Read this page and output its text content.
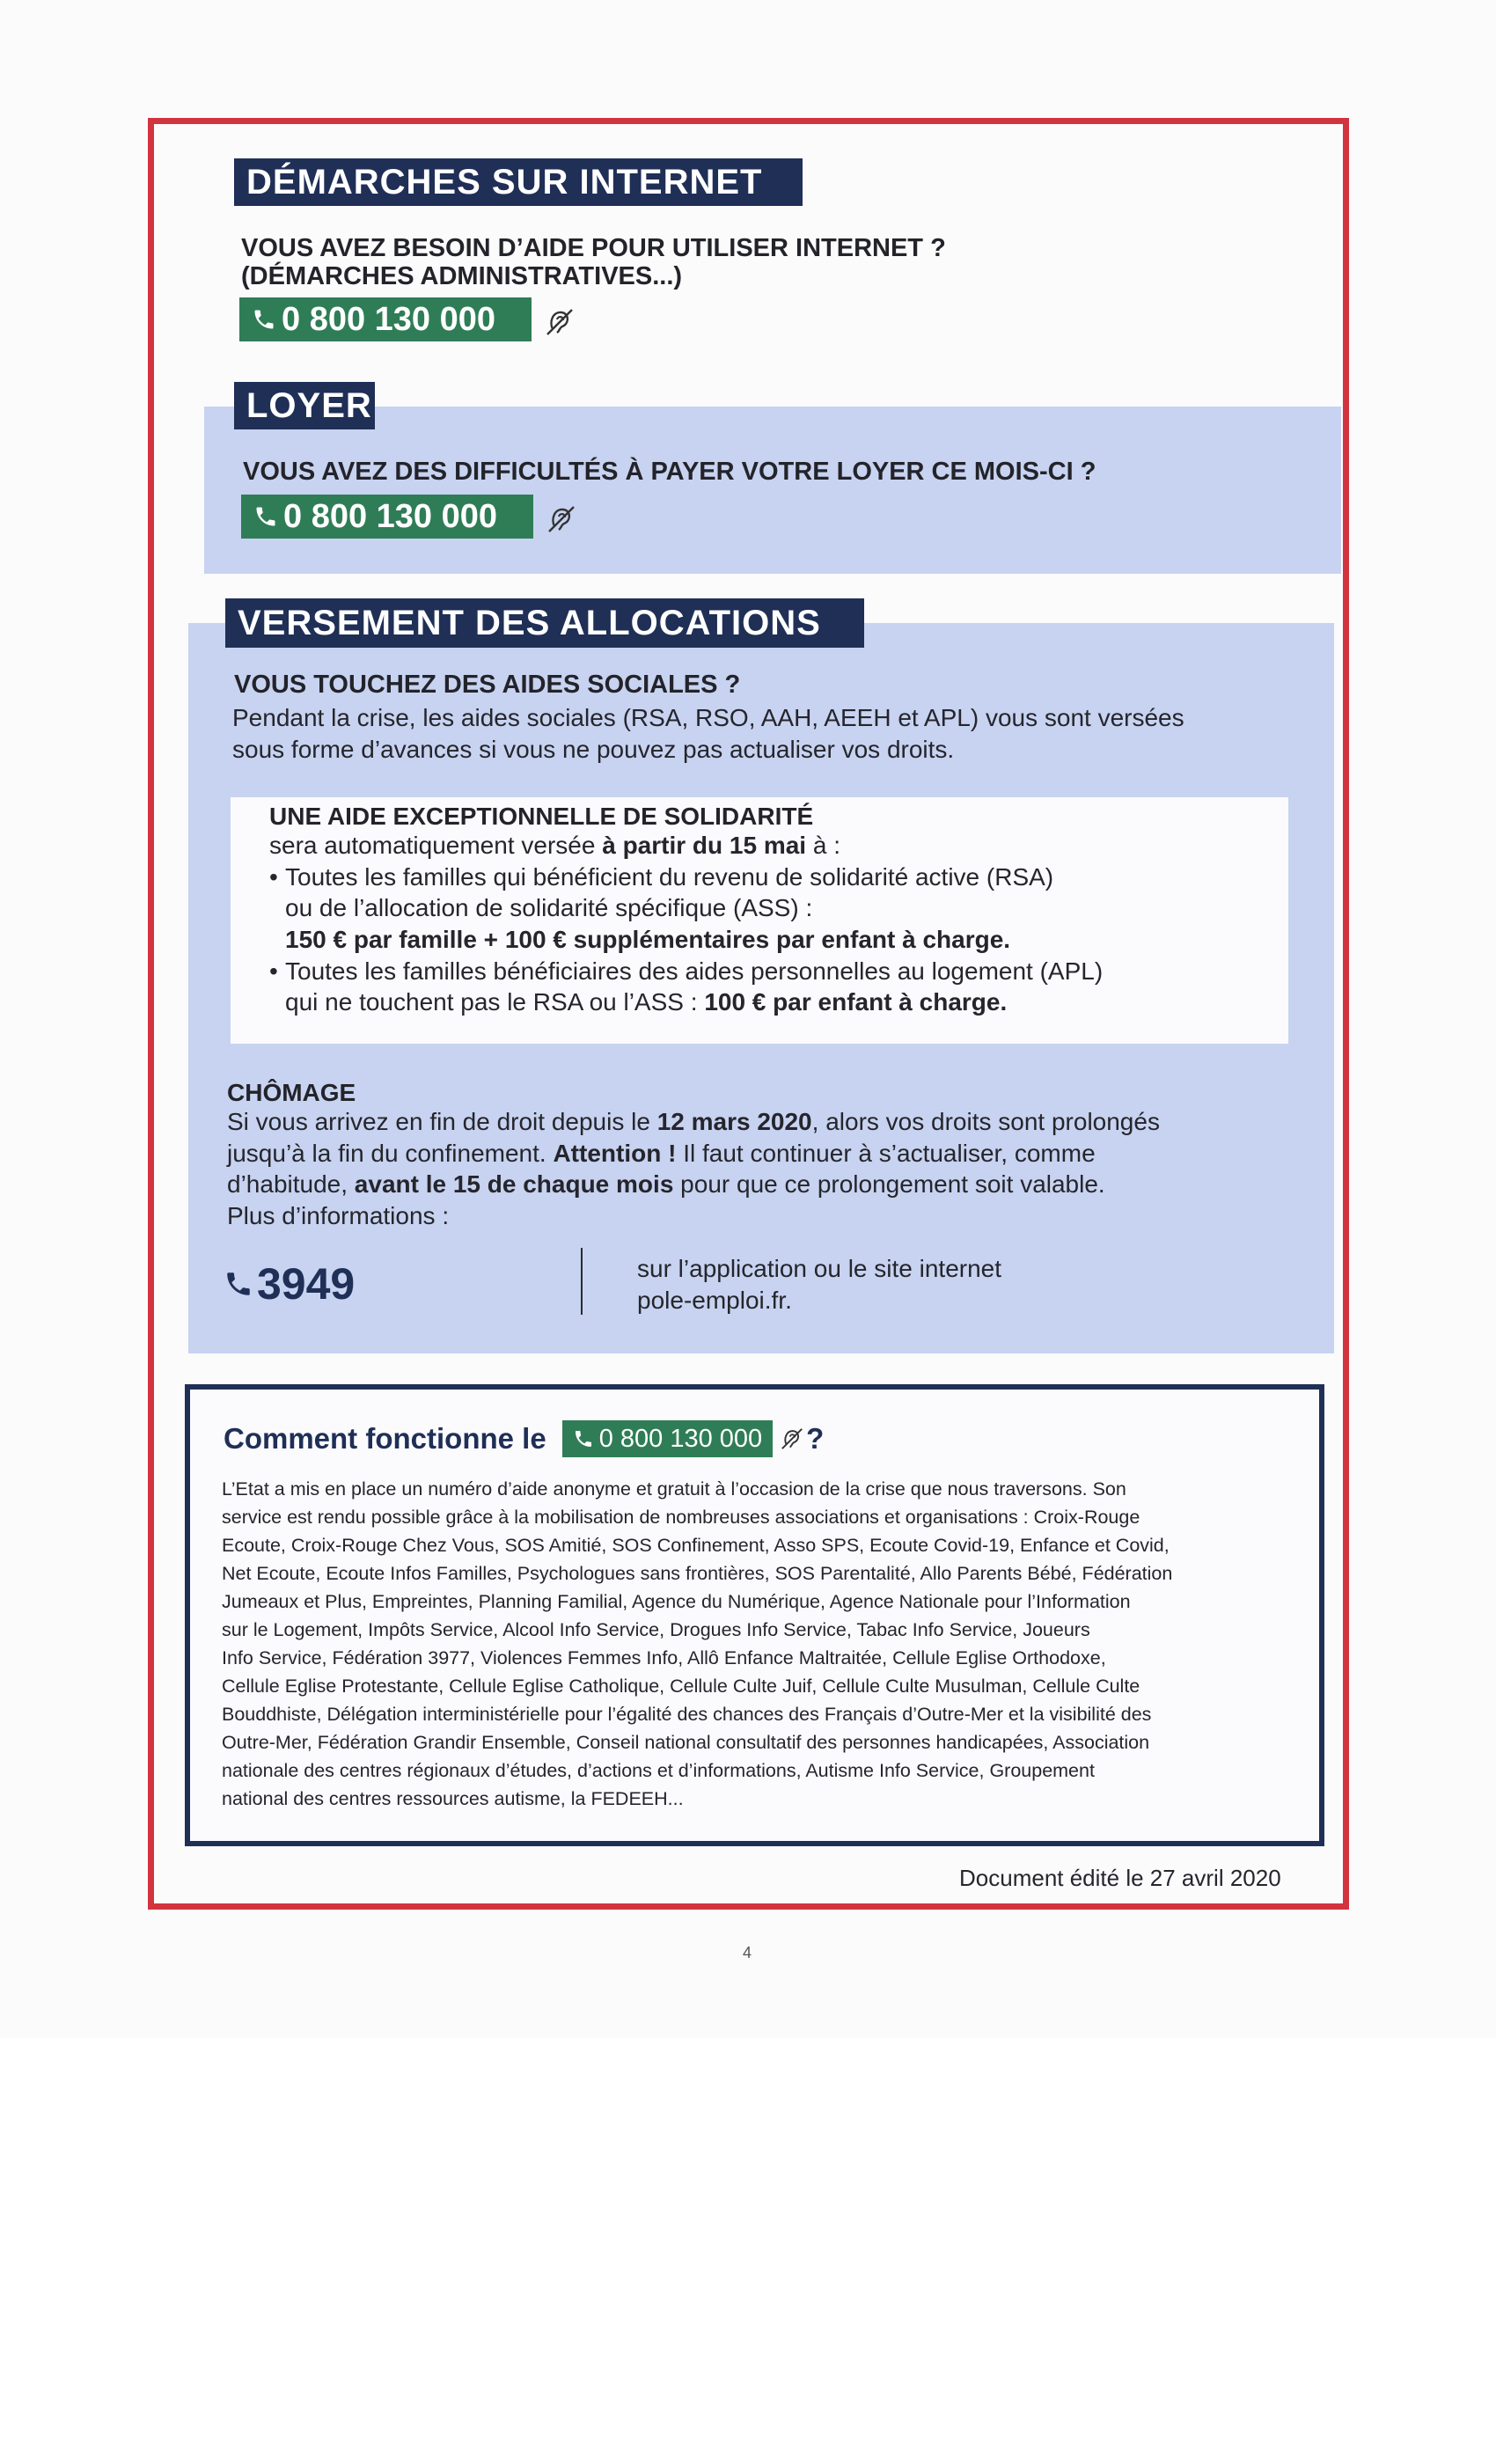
DÉMARCHES SUR INTERNET
VOUS AVEZ BESOIN D’AIDE POUR UTILISER INTERNET ?
(DÉMARCHES ADMINISTRATIVES...)
0 800 130 000
LOYER
VOUS AVEZ DES DIFFICULTÉS À PAYER VOTRE LOYER CE MOIS-CI ?
0 800 130 000
VERSEMENT DES ALLOCATIONS
VOUS TOUCHEZ DES AIDES SOCIALES ?
Pendant la crise, les aides sociales (RSA, RSO, AAH, AEEH et APL) vous sont versées
sous forme d’avances si vous ne pouvez pas actualiser vos droits.
UNE AIDE EXCEPTIONNELLE DE SOLIDARITÉ
sera automatiquement versée à partir du 15 mai à :
• Toutes les familles qui bénéficient du revenu de solidarité active (RSA)
ou de l’allocation de solidarité spécifique (ASS) :
150 € par famille + 100 € supplémentaires par enfant à charge.
• Toutes les familles bénéficiaires des aides personnelles au logement (APL)
qui ne touchent pas le RSA ou l’ASS : 100 € par enfant à charge.
CHÔMAGE
Si vous arrivez en fin de droit depuis le 12 mars 2020, alors vos droits sont prolongés
jusqu’à la fin du confinement. Attention ! Il faut continuer à s’actualiser, comme
d’habitude, avant le 15 de chaque mois pour que ce prolongement soit valable.
Plus d’informations :
3949	sur l’application ou le site internet
pole-emploi.fr.
Comment fonctionne le 0 800 130 000 ?
L’Etat a mis en place un numéro d’aide anonyme et gratuit à l’occasion de la crise que nous traversons. Son
service est rendu possible grâce à la mobilisation de nombreuses associations et organisations : Croix-Rouge
Ecoute, Croix-Rouge Chez Vous, SOS Amitié, SOS Confinement, Asso SPS, Ecoute Covid-19, Enfance et Covid,
Net Ecoute, Ecoute Infos Familles, Psychologues sans frontières, SOS Parentalité, Allo Parents Bébé, Fédération
Jumeaux et Plus, Empreintes, Planning Familial, Agence du Numérique, Agence Nationale pour l’Information
sur le Logement, Impôts Service, Alcool Info Service, Drogues Info Service, Tabac Info Service, Joueurs
Info Service, Fédération 3977, Violences Femmes Info, Allô Enfance Maltraitée, Cellule Eglise Orthodoxe,
Cellule Eglise Protestante, Cellule Eglise Catholique, Cellule Culte Juif, Cellule Culte Musulman, Cellule Culte
Bouddhiste, Délégation interministérielle pour l’égalité des chances des Français d’Outre-Mer et la visibilité des
Outre-Mer, Fédération Grandir Ensemble, Conseil national consultatif des personnes handicapées, Association
nationale des centres régionaux d’études, d’actions et d’informations, Autisme Info Service, Groupement
national des centres ressources autisme, la FEDEEH...
Document édité le 27 avril 2020
4
